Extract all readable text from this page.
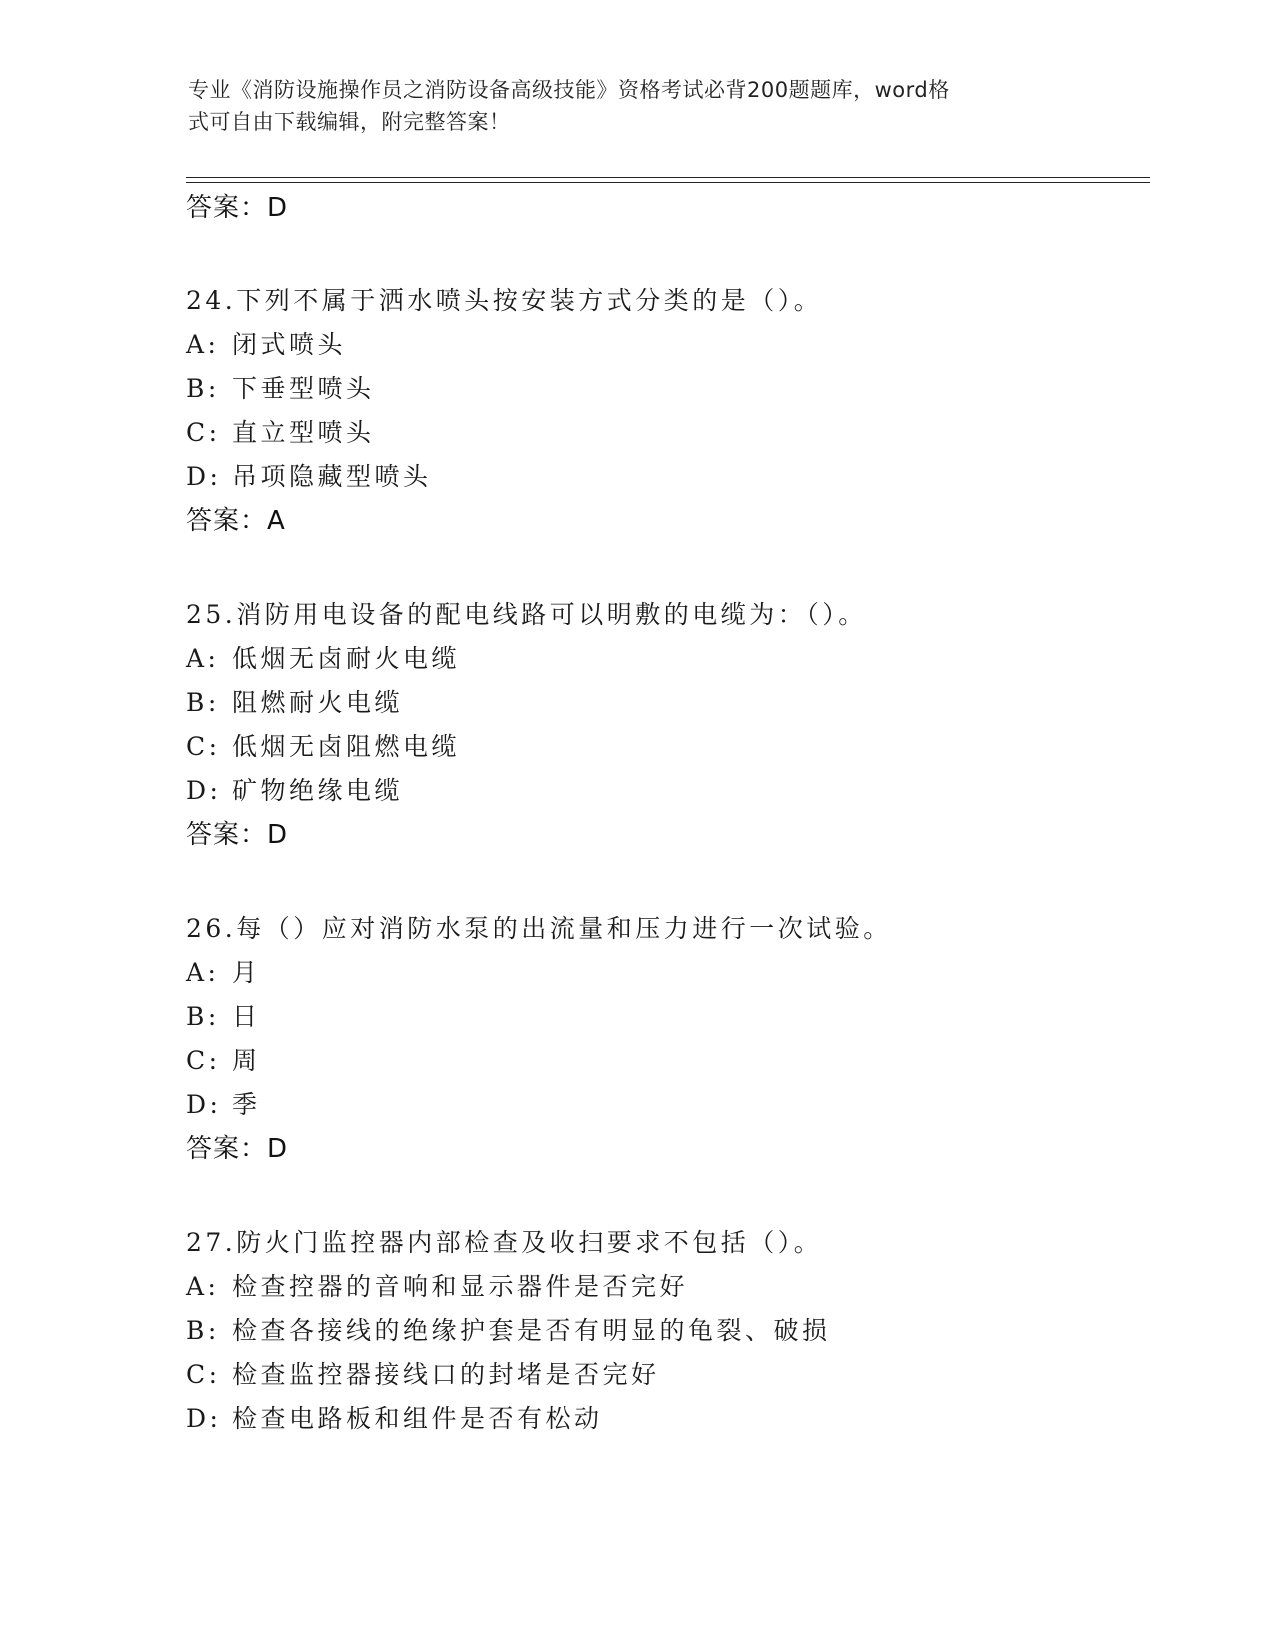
专业《消防设施操作员之消防设备高级技能》资格考试必背200题题库，word格
式可自由下载编辑，附完整答案！
答案：D
24.下列不属于洒水喷头按安装方式分类的是（）。
A: 闭式喷头
B: 下垂型喷头
C: 直立型喷头
D: 吊项隐藏型喷头
答案：A
25.消防用电设备的配电线路可以明敷的电缆为：（）。
A: 低烟无卤耐火电缆
B: 阻燃耐火电缆
C: 低烟无卤阻燃电缆
D: 矿物绝缘电缆
答案：D
26.每（）应对消防水泵的出流量和压力进行一次试验。
A: 月
B: 日
C: 周
D: 季
答案：D
27.防火门监控器内部检查及收扫要求不包括（）。
A: 检查控器的音响和显示器件是否完好
B: 检查各接线的绝缘护套是否有明显的龟裂、破损
C: 检查监控器接线口的封堵是否完好
D: 检查电路板和组件是否有松动
